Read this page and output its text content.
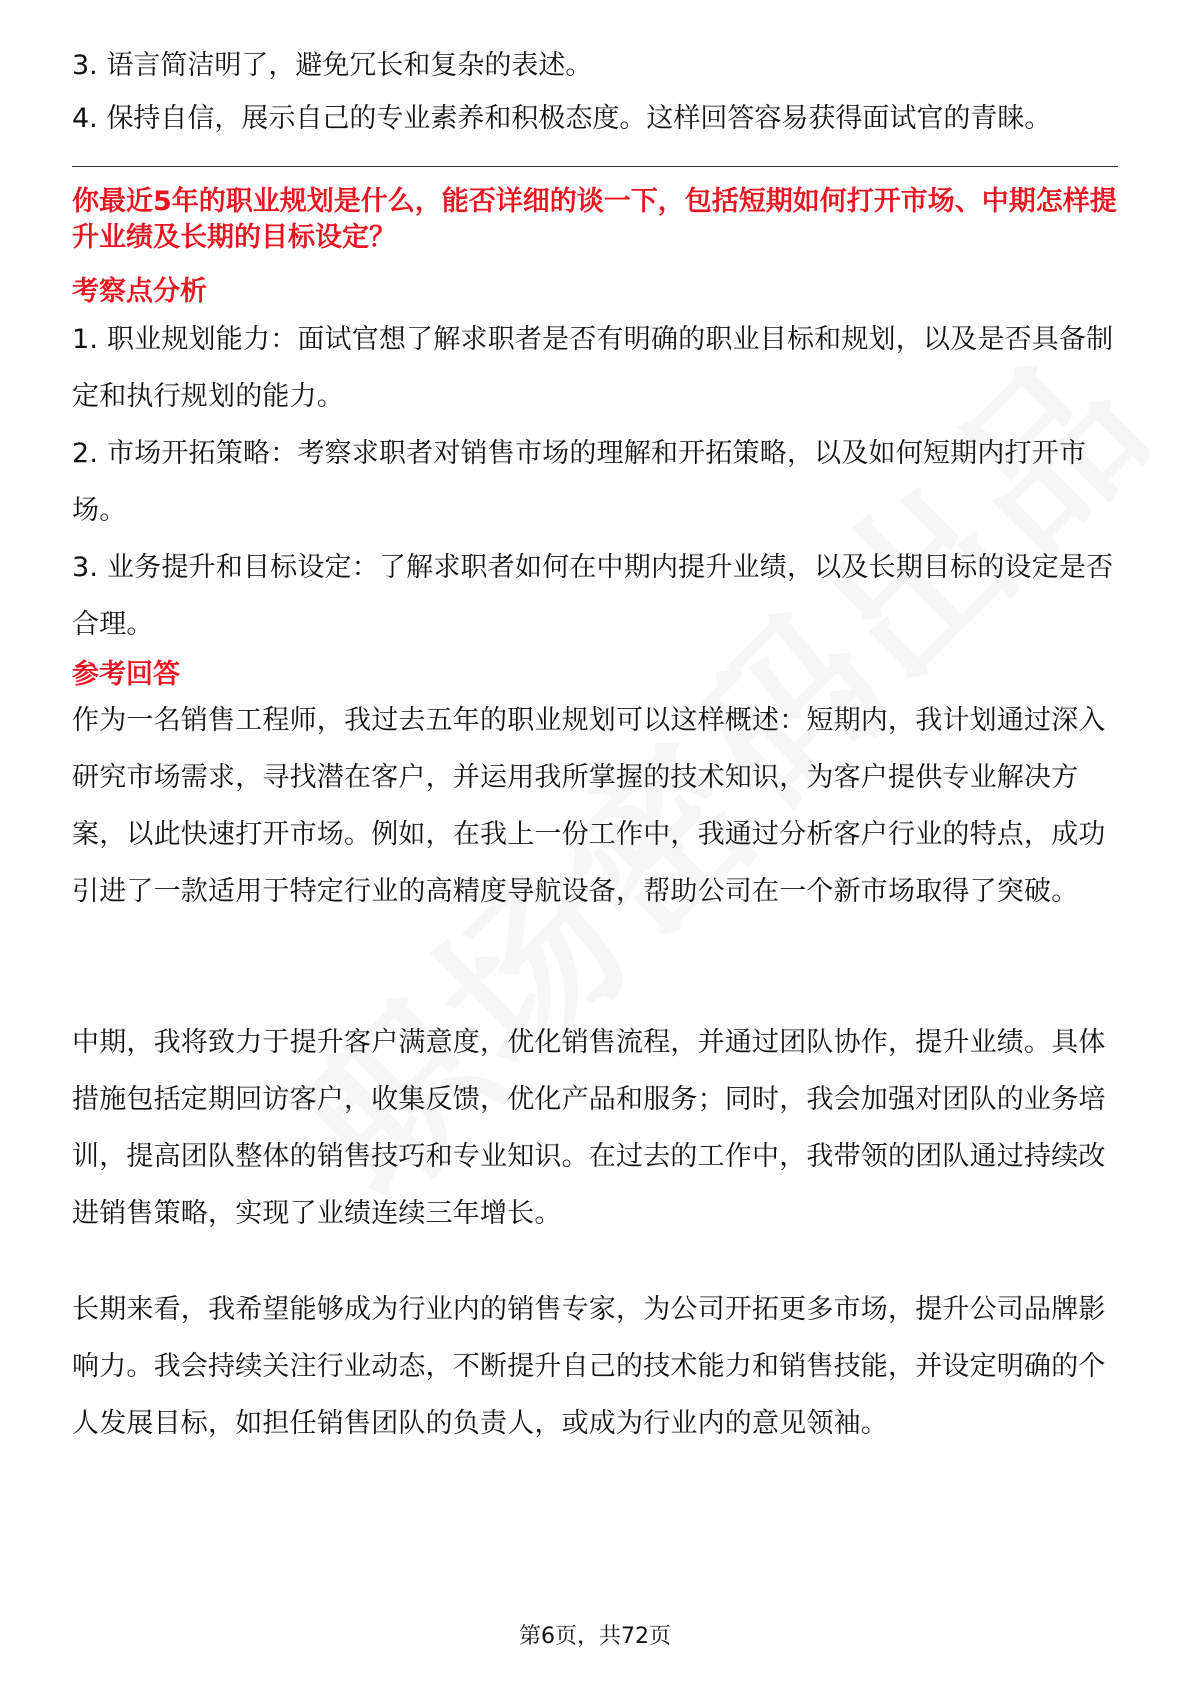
3. 语言简洁明了，避免冗长和复杂的表述。

4. 保持自信，展示自己的专业素养和积极态度。这样回答容易获得面试官的青睐。

你最近5年的职业规划是什么，能否详细的谈一下，包括短期如何打开市场、中期怎样提升业绩及长期的目标设定？

考察点分析

1. 职业规划能力：面试官想了解求职者是否有明确的职业目标和规划，以及是否具备制定和执行规划的能力。

2. 市场开拓策略：考察求职者对销售市场的理解和开拓策略，以及如何短期内打开市场。

3. 业务提升和目标设定：了解求职者如何在中期内提升业绩，以及长期目标的设定是否合理。

参考回答

作为一名销售工程师，我过去五年的职业规划可以这样概述：短期内，我计划通过深入研究市场需求，寻找潜在客户，并运用我所掌握的技术知识，为客户提供专业解决方案，以此快速打开市场。例如，在我上一份工作中，我通过分析客户行业的特点，成功引进了一款适用于特定行业的高精度导航设备，帮助公司在一个新市场取得了突破。

中期，我将致力于提升客户满意度，优化销售流程，并通过团队协作，提升业绩。具体措施包括定期回访客户，收集反馈，优化产品和服务；同时，我会加强对团队的业务培训，提高团队整体的销售技巧和专业知识。在过去的工作中，我带领的团队通过持续改进销售策略，实现了业绩连续三年增长。

长期来看，我希望能够成为行业内的销售专家，为公司开拓更多市场，提升公司品牌影响力。我会持续关注行业动态，不断提升自己的技术能力和销售技能，并设定明确的个人发展目标，如担任销售团队的负责人，或成为行业内的意见领袖。

第6页，共72页
